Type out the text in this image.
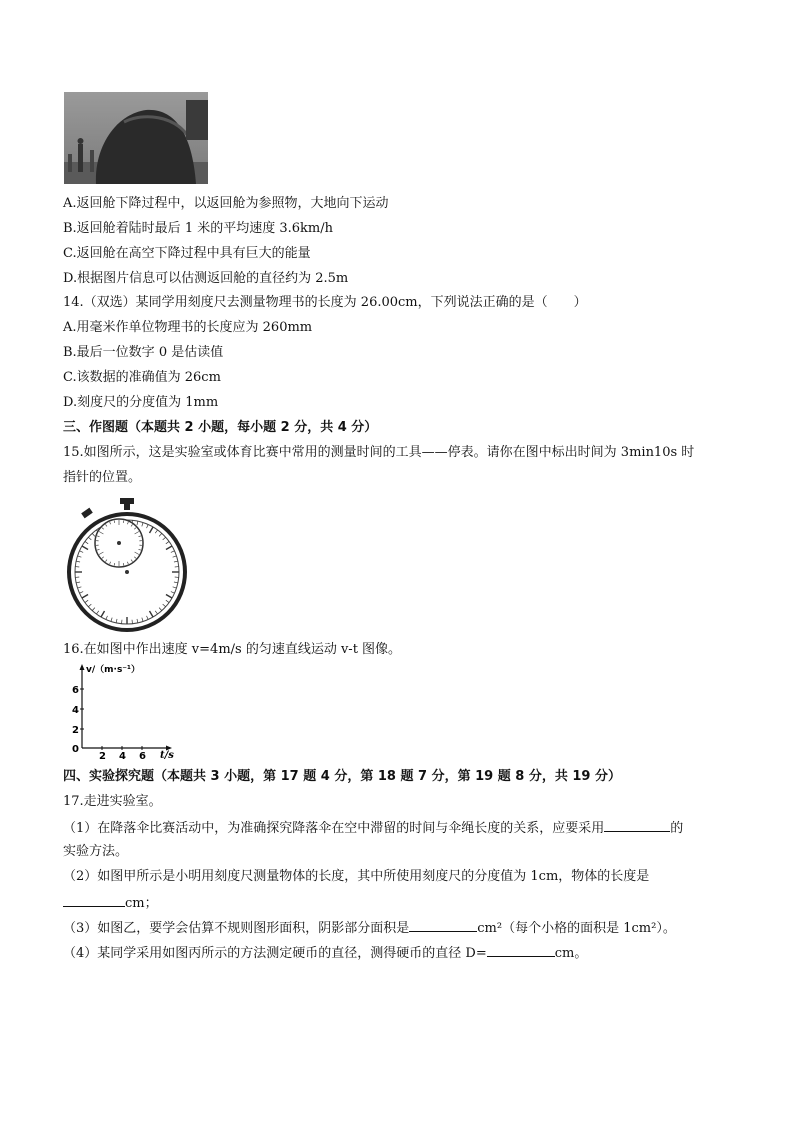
A.返回舱下降过程中，以返回舱为参照物，大地向下运动
B.返回舱着陆时最后 1 米的平均速度 3.6km/h
C.返回舱在高空下降过程中具有巨大的能量
D.根据图片信息可以估测返回舱的直径约为 2.5m
14.（双选）某同学用刻度尺去测量物理书的长度为 26.00cm，下列说法正确的是（　　）
A.用毫米作单位物理书的长度应为 260mm
B.最后一位数字 0 是估读值
C.该数据的准确值为 26cm
D.刻度尺的分度值为 1mm
三、作图题（本题共 2 小题，每小题 2 分，共 4 分）
15.如图所示，这是实验室或体育比赛中常用的测量时间的工具——停表。请你在图中标出时间为 3min10s 时
指针的位置。
16.在如图中作出速度 v=4m/s 的匀速直线运动 v-t 图像。
v/（m·s⁻¹）
t/s
0
2
4
6
2 4 6
四、实验探究题（本题共 3 小题，第 17 题 4 分，第 18 题 7 分，第 19 题 8 分，共 19 分）
17.走进实验室。
（1）在降落伞比赛活动中，为准确探究降落伞在空中滞留的时间与伞绳长度的关系，应要采用	的
实验方法。
（2）如图甲所示是小明用刻度尺测量物体的长度，其中所使用刻度尺的分度值为 1cm，物体的长度是
cm；
（3）如图乙，要学会估算不规则图形面积，阴影部分面积是	cm²（每个小格的面积是 1cm²）。
（4）某同学采用如图丙所示的方法测定硬币的直径，测得硬币的直径 D=	cm。
